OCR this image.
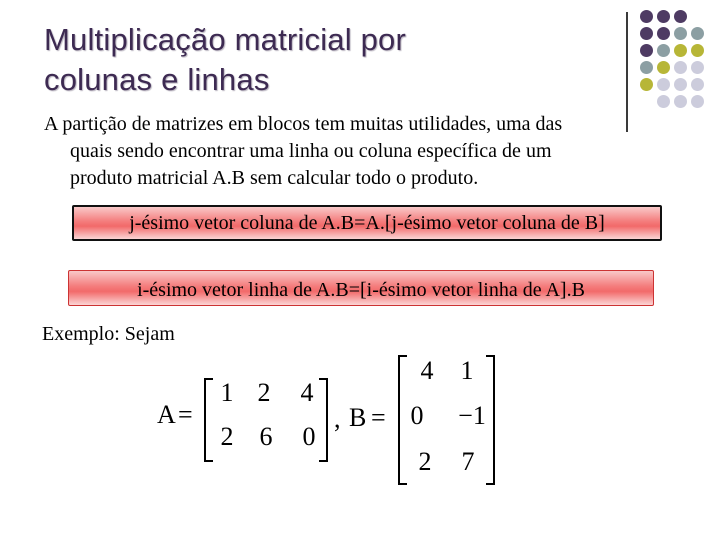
Multiplicação matricial por
colunas e linhas
A partição de matrizes em blocos tem muitas utilidades, uma das
quais sendo encontrar uma linha ou coluna específica de um
produto matricial A.B sem calcular todo o produto.
j-ésimo vetor coluna de A.B=A.[j-ésimo vetor coluna de B]
i-ésimo vetor linha de A.B=[i-ésimo vetor linha de A].B
Exemplo: Sejam
A =
1 2	4
2	6	0
, B =
4	1
0	−1
2	7
